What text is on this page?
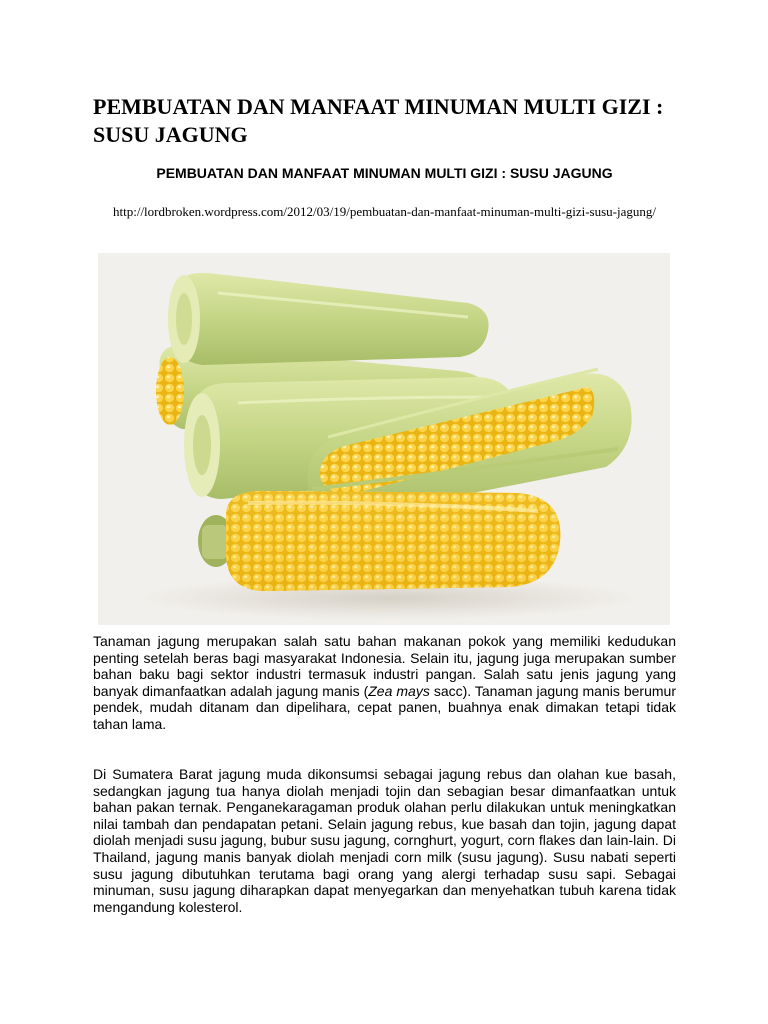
PEMBUATAN DAN MANFAAT MINUMAN MULTI GIZI : SUSU JAGUNG

PEMBUATAN DAN MANFAAT MINUMAN MULTI GIZI : SUSU JAGUNG

http://lordbroken.wordpress.com/2012/03/19/pembuatan-dan-manfaat-minuman-multi-gizi-susu-jagung/

Tanaman jagung merupakan salah satu bahan makanan pokok yang memiliki kedudukan penting setelah beras bagi masyarakat Indonesia. Selain itu, jagung juga merupakan sumber bahan baku bagi sektor industri termasuk industri pangan. Salah satu jenis jagung yang banyak dimanfaatkan adalah jagung manis (Zea mays sacc). Tanaman jagung manis berumur pendek, mudah ditanam dan dipelihara, cepat panen, buahnya enak dimakan tetapi tidak tahan lama.

Di Sumatera Barat jagung muda dikonsumsi sebagai jagung rebus dan olahan kue basah, sedangkan jagung tua hanya diolah menjadi tojin dan sebagian besar dimanfaatkan untuk bahan pakan ternak. Penganekaragaman produk olahan perlu dilakukan untuk meningkatkan nilai tambah dan pendapatan petani. Selain jagung rebus, kue basah dan tojin, jagung dapat diolah menjadi susu jagung, bubur susu jagung, cornghurt, yogurt, corn flakes dan lain-lain. Di Thailand, jagung manis banyak diolah menjadi corn milk (susu jagung). Susu nabati seperti susu jagung dibutuhkan terutama bagi orang yang alergi terhadap susu sapi. Sebagai minuman, susu jagung diharapkan dapat menyegarkan dan menyehatkan tubuh karena tidak mengandung kolesterol.
